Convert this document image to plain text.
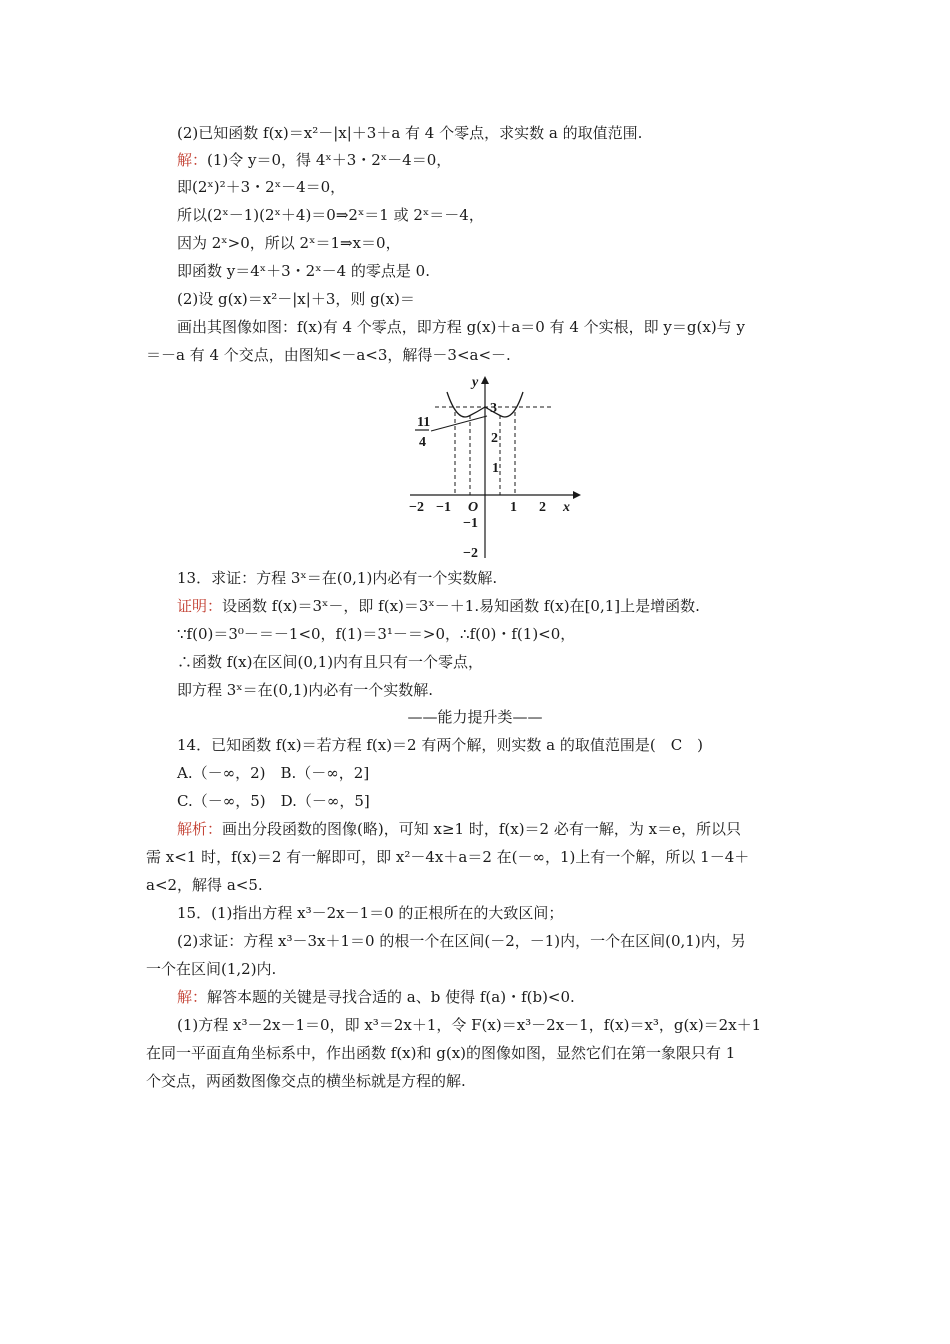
(2)已知函数 f(x)＝x²－|x|＋3＋a 有 4 个零点，求实数 a 的取值范围.
解：(1)令 y＝0，得 4ˣ＋3・2ˣ－4＝0，
即(2ˣ)²＋3・2ˣ－4＝0，
所以(2ˣ－1)(2ˣ＋4)＝0⇒2ˣ＝1 或 2ˣ＝－4，
因为 2ˣ>0，所以 2ˣ＝1⇒x＝0，
即函数 y＝4ˣ＋3・2ˣ－4 的零点是 0.
(2)设 g(x)＝x²－|x|＋3，则 g(x)＝
画出其图像如图：f(x)有 4 个零点，即方程 g(x)＋a＝0 有 4 个实根，即 y＝g(x)与 y
＝－a 有 4 个交点，由图知<－a<3，解得－3<a<－.
11
4
y
x
O
−2 −1	1 2
3
2
1
−1
−2
13．求证：方程 3ˣ＝在(0,1)内必有一个实数解.
证明：设函数 f(x)＝3ˣ－，即 f(x)＝3ˣ－＋1.易知函数 f(x)在[0,1]上是增函数.
∵f(0)＝3⁰－＝－1<0，f(1)＝3¹－＝>0，∴f(0)・f(1)<0，
∴函数 f(x)在区间(0,1)内有且只有一个零点，
即方程 3ˣ＝在(0,1)内必有一个实数解.
——能力提升类——
14．已知函数 f(x)＝若方程 f(x)＝2 有两个解，则实数 a 的取值范围是(　C　)
A.（－∞，2)　B.（－∞，2]
C.（－∞，5)　D.（－∞，5]
解析：画出分段函数的图像(略)，可知 x≥1 时，f(x)＝2 必有一解，为 x＝e，所以只
需 x<1 时，f(x)＝2 有一解即可，即 x²－4x＋a＝2 在(－∞，1)上有一个解，所以 1－4＋
a<2，解得 a<5.
15．(1)指出方程 x³－2x－1＝0 的正根所在的大致区间；
(2)求证：方程 x³－3x＋1＝0 的根一个在区间(－2，－1)内，一个在区间(0,1)内，另
一个在区间(1,2)内.
解：解答本题的关键是寻找合适的 a、b 使得 f(a)・f(b)<0.
(1)方程 x³－2x－1＝0，即 x³＝2x＋1，令 F(x)＝x³－2x－1，f(x)＝x³，g(x)＝2x＋1
在同一平面直角坐标系中，作出函数 f(x)和 g(x)的图像如图，显然它们在第一象限只有 1
个交点，两函数图像交点的横坐标就是方程的解.
